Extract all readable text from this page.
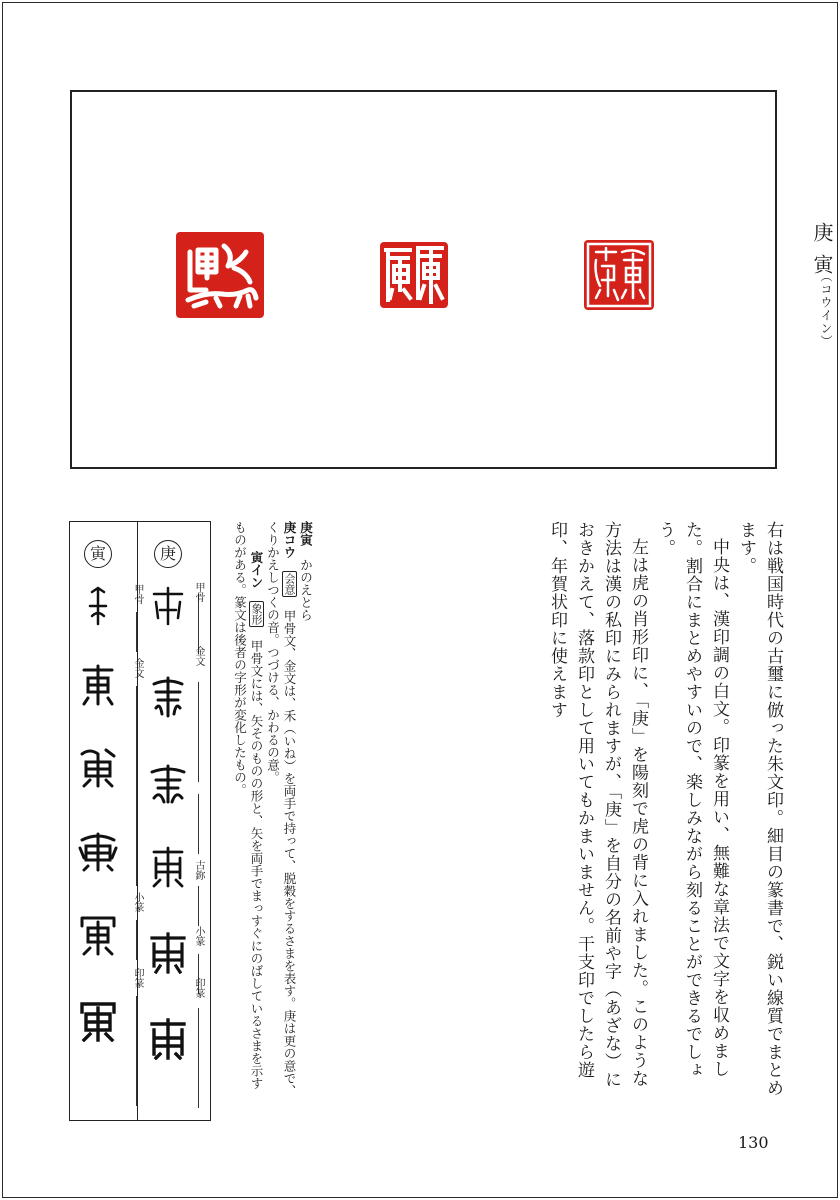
庚寅
（コウイン）

右は戦国時代の古璽に倣った朱文印。細目の篆書で、鋭い線質でまとめます。

中央は、漢印調の白文。印篆を用い、無難な章法で文字を収めました。割合にまとめやすいので、楽しみながら刻ることができるでしょう。

左は虎の肖形印に、「庚」を陽刻で虎の背に入れました。このような方法は漢の私印にみられますが、「庚」を自分の名前や字（あざな）におきかえて、落款印として用いてもかまいません。干支印でしたら遊印、年賀状印に使えます

庚寅　かのえとら

庚コウ　会意　甲骨文、金文は、禾（いね）を両手で持って、脱穀をするさまを表す。庚は更の意で、くりかえしつくの音。つづける、かわるの意。

寅イン　象形　甲骨文には、矢そのものの形と、矢を両手でまっすぐにのばしているさまを示すものがある。篆文は後者の字形が変化したもの。

庚
甲骨
金文
古鉨
小篆
印篆
寅
甲骨
金文
小篆
印篆
130
